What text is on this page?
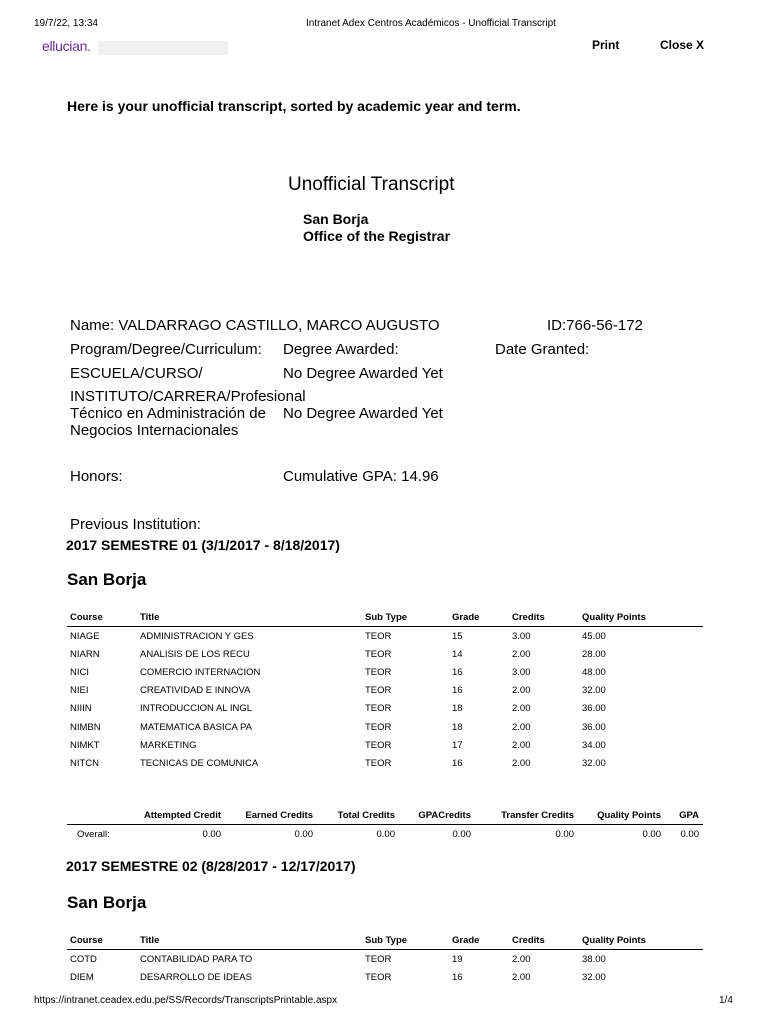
19/7/22, 13:34	Intranet Adex Centros Académicos - Unofficial Transcript
ellucian.	Print	Close X
Here is your unofficial transcript, sorted by academic year and term.
Unofficial Transcript
San Borja
Office of the Registrar
Name: VALDARRAGO CASTILLO, MARCO AUGUSTO	ID:766-56-172
Program/Degree/Curriculum: Degree Awarded:	Date Granted:
ESCUELA/CURSO/	No Degree Awarded Yet
INSTITUTO/CARRERA/Profesional
Técnico en Administración de
Negocios Internacionales
No Degree Awarded Yet
Honors:	Cumulative GPA: 14.96
Previous Institution:
2017 SEMESTRE 01 (3/1/2017 - 8/18/2017)
San Borja
Course	Title	Sub Type	Grade	Credits	Quality Points
NIAGE	ADMINISTRACION Y GES	TEOR	15	3.00	45.00
NIARN	ANALISIS DE LOS RECU	TEOR	14	2.00	28.00
NICI	COMERCIO INTERNACION	TEOR	16	3.00	48.00
NIEI	CREATIVIDAD E INNOVA	TEOR	16	2.00	32.00
NIIIN	INTRODUCCION AL INGL	TEOR	18	2.00	36.00
NIMBN	MATEMATICA BASICA PA	TEOR	18	2.00	36.00
NIMKT	MARKETING	TEOR	17	2.00	34.00
NITCN	TECNICAS DE COMUNICA	TEOR	16	2.00	32.00
	Attempted Credit	Earned Credits	Total Credits	GPACredits	Transfer Credits	Quality Points	GPA
Overall:	0.00	0.00	0.00	0.00	0.00	0.00	0.00
2017 SEMESTRE 02 (8/28/2017 - 12/17/2017)
San Borja
Course	Title	Sub Type	Grade	Credits	Quality Points
COTD	CONTABILIDAD PARA TO	TEOR	19	2.00	38.00
DIEM	DESARROLLO DE IDEAS	TEOR	16	2.00	32.00
https://intranet.ceadex.edu.pe/SS/Records/TranscriptsPrintable.aspx	1/4
